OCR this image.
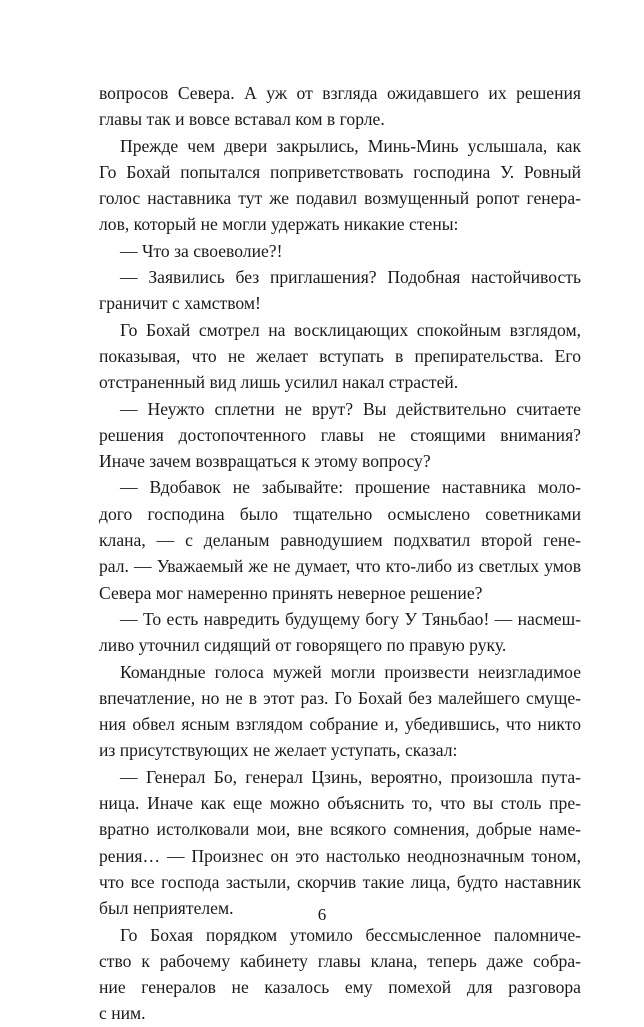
вопросов Севера. А уж от взгляда ожидавшего их решения
главы так и вовсе вставал ком в горле.
Прежде чем двери закрылись, Минь-Минь услышала, как
Го Бохай попытался поприветствовать господина У. Ровный
голос наставника тут же подавил возмущенный ропот генера-
лов, который не могли удержать никакие стены:
— Что за своеволие?!
— Заявились без приглашения? Подобная настойчивость
граничит с хамством!
Го Бохай смотрел на восклицающих спокойным взглядом,
показывая, что не желает вступать в препирательства. Его
отстраненный вид лишь усилил накал страстей.
— Неужто сплетни не врут? Вы действительно считаете
решения достопочтенного главы не стоящими внимания?
Иначе зачем возвращаться к этому вопросу?
— Вдобавок не забывайте: прошение наставника моло-
дого господина было тщательно осмыслено советниками
клана, — с деланым равнодушием подхватил второй гене-
рал. — Уважаемый же не думает, что кто-либо из светлых умов
Севера мог намеренно принять неверное решение?
— То есть навредить будущему богу У Тяньбао! — насмеш-
ливо уточнил сидящий от говорящего по правую руку.
Командные голоса мужей могли произвести неизгладимое
впечатление, но не в этот раз. Го Бохай без малейшего смуще-
ния обвел ясным взглядом собрание и, убедившись, что никто
из присутствующих не желает уступать, сказал:
— Генерал Бо, генерал Цзинь, вероятно, произошла пута-
ница. Иначе как еще можно объяснить то, что вы столь пре-
вратно истолковали мои, вне всякого сомнения, добрые наме-
рения… — Произнес он это настолько неоднозначным тоном,
что все господа застыли, скорчив такие лица, будто наставник
был неприятелем.
Го Бохая порядком утомило бессмысленное паломниче-
ство к рабочему кабинету главы клана, теперь даже собра-
ние генералов не казалось ему помехой для разговора
с ним.
6
